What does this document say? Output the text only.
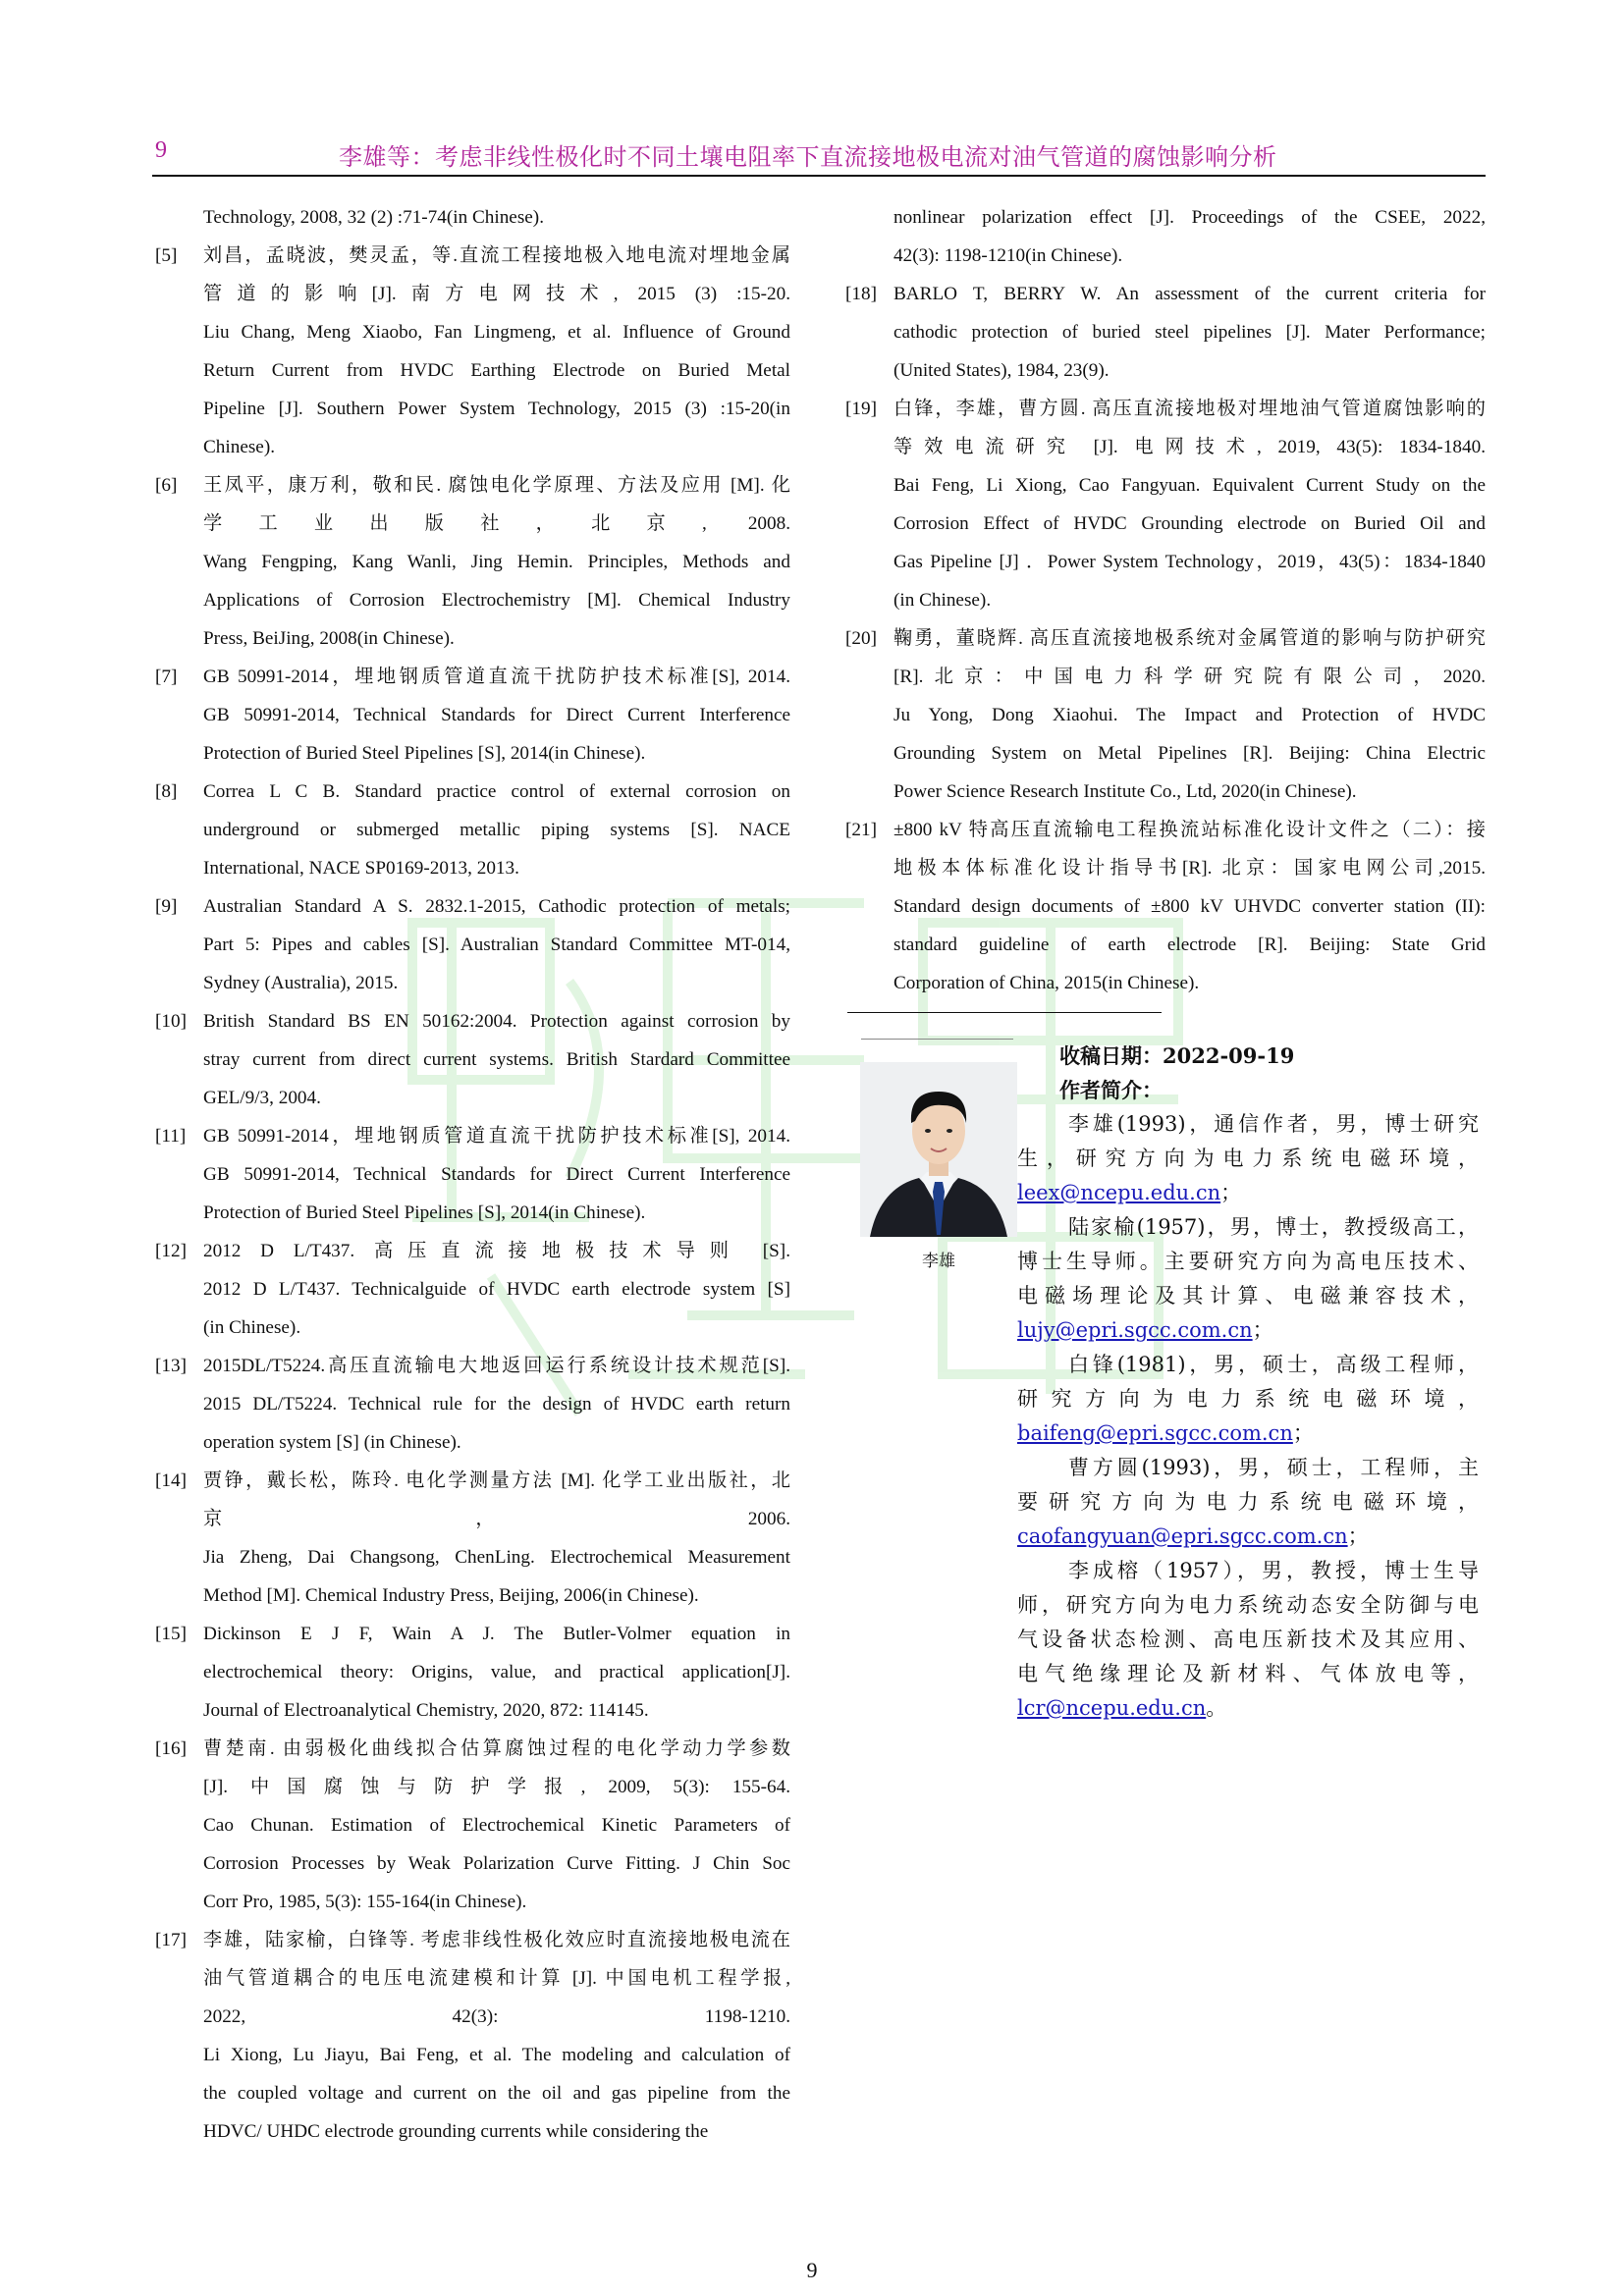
9	李雄等：考虑非线性极化时不同土壤电阻率下直流接地极电流对油气管道的腐蚀影响分析
Technology, 2008, 32 (2) :71-74(in Chinese).
[5] 刘昌，孟晓波，樊灵孟，等.直流工程接地极入地电流对埋地金属
管道的影响[J].南方电网技术, 2015 (3) :15-20.
Liu Chang, Meng Xiaobo, Fan Lingmeng, et al. Influence of Ground
Return Current from HVDC Earthing Electrode on Buried Metal
Pipeline [J]. Southern Power System Technology, 2015 (3) :15-20(in
Chinese).
[6] 王凤平，康万利，敬和民. 腐蚀电化学原理、方法及应用 [M]. 化
学工业出版社，北京, 2008.
Wang Fengping, Kang Wanli, Jing Hemin. Principles, Methods and
Applications of Corrosion Electrochemistry [M]. Chemical Industry
Press, BeiJing, 2008(in Chinese).
[7] GB 50991-2014，埋地钢质管道直流干扰防护技术标准[S], 2014.
GB 50991-2014, Technical Standards for Direct Current Interference
Protection of Buried Steel Pipelines [S], 2014(in Chinese).
[8] Correa L C B. Standard practice control of external corrosion on
underground or submerged metallic piping systems [S]. NACE
International, NACE SP0169-2013, 2013.
[9] Australian Standard A S. 2832.1-2015, Cathodic protection of metals;
Part 5: Pipes and cables [S]. Australian Standard Committee MT-014,
Sydney (Australia), 2015.
[10] British Standard BS EN 50162:2004. Protection against corrosion by
stray current from direct current systems. British Stardard Committee
GEL/9/3, 2004.
[11] GB 50991-2014，埋地钢质管道直流干扰防护技术标准[S], 2014.
GB 50991-2014, Technical Standards for Direct Current Interference
Protection of Buried Steel Pipelines [S], 2014(in Chinese).
[12] 2012 D L/T437. 高压直流接地极技术导则 [S].
2012 D L/T437. Technicalguide of HVDC earth electrode system [S]
(in Chinese).
[13] 2015DL/T5224.高压直流输电大地返回运行系统设计技术规范[S].
2015 DL/T5224. Technical rule for the design of HVDC earth return
operation system [S] (in Chinese).
[14] 贾铮，戴长松，陈玲. 电化学测量方法 [M]. 化学工业出版社，北
京，2006.
Jia Zheng, Dai Changsong, ChenLing. Electrochemical Measurement
Method [M]. Chemical Industry Press, Beijing, 2006(in Chinese).
[15] Dickinson E J F, Wain A J. The Butler-Volmer equation in
electrochemical theory: Origins, value, and practical application[J].
Journal of Electroanalytical Chemistry, 2020, 872: 114145.
[16] 曹楚南. 由弱极化曲线拟合估算腐蚀过程的电化学动力学参数
[J]. 中国腐蚀与防护学报, 2009, 5(3): 155-64.
Cao Chunan. Estimation of Electrochemical Kinetic Parameters of
Corrosion Processes by Weak Polarization Curve Fitting. J Chin Soc
Corr Pro, 1985, 5(3): 155-164(in Chinese).
[17] 李雄，陆家榆，白锋等. 考虑非线性极化效应时直流接地极电流在
油气管道耦合的电压电流建模和计算 [J]. 中国电机工程学报,
2022, 42(3): 1198-1210.
Li Xiong, Lu Jiayu, Bai Feng, et al. The modeling and calculation of
the coupled voltage and current on the oil and gas pipeline from the
HDVC/ UHDC electrode grounding currents while considering the
nonlinear polarization effect [J]. Proceedings of the CSEE, 2022,
42(3): 1198-1210(in Chinese).
[18] BARLO T, BERRY W. An assessment of the current criteria for
cathodic protection of buried steel pipelines [J]. Mater Performance;
(United States), 1984, 23(9).
[19] 白锋，李雄，曹方圆. 高压直流接地极对埋地油气管道腐蚀影响的
等效电流研究 [J]. 电网技术, 2019, 43(5): 1834-1840.
Bai Feng, Li Xiong, Cao Fangyuan. Equivalent Current Study on the
Corrosion Effect of HVDC Grounding electrode on Buried Oil and
Gas Pipeline [J] ．Power System Technology，2019，43(5)：1834-1840
(in Chinese).
[20] 鞠勇，董晓辉. 高压直流接地极系统对金属管道的影响与防护研究
[R].北京：中国电力科学研究院有限公司，2020.
Ju Yong, Dong Xiaohui. The Impact and Protection of HVDC
Grounding System on Metal Pipelines [R]. Beijing: China Electric
Power Science Research Institute Co., Ltd, 2020(in Chinese).
[21] ±800 kV 特高压直流输电工程换流站标准化设计文件之（二）：接
地极本体标准化设计指导书[R]. 北京：国家电网公司,2015.
Standard design documents of ±800 kV UHVDC converter station (II):
standard guideline of earth electrode [R]. Beijing: State Grid
Corporation of China, 2015(in Chinese).
李雄
收稿日期：2022-09-19
作者简介：
李雄(1993)，通信作者，男，博士研究
生，研究方向为电力系统电磁环境，
leex@ncepu.edu.cn；
陆家榆(1957)，男，博士，教授级高工，
博士生导师。主要研究方向为高电压技术、
电磁场理论及其计算、电磁兼容技术，
lujy@epri.sgcc.com.cn；
白锋(1981)，男，硕士，高级工程师，
研究方向为电力系统电磁环境，
baifeng@epri.sgcc.com.cn；
曹方圆(1993)，男，硕士，工程师，主
要研究方向为电力系统电磁环境，
caofangyuan@epri.sgcc.com.cn；
李成榕（1957），男，教授，博士生导
师，研究方向为电力系统动态安全防御与电
气设备状态检测、高电压新技术及其应用、
电气绝缘理论及新材料、气体放电等，
lcr@ncepu.edu.cn。
9
